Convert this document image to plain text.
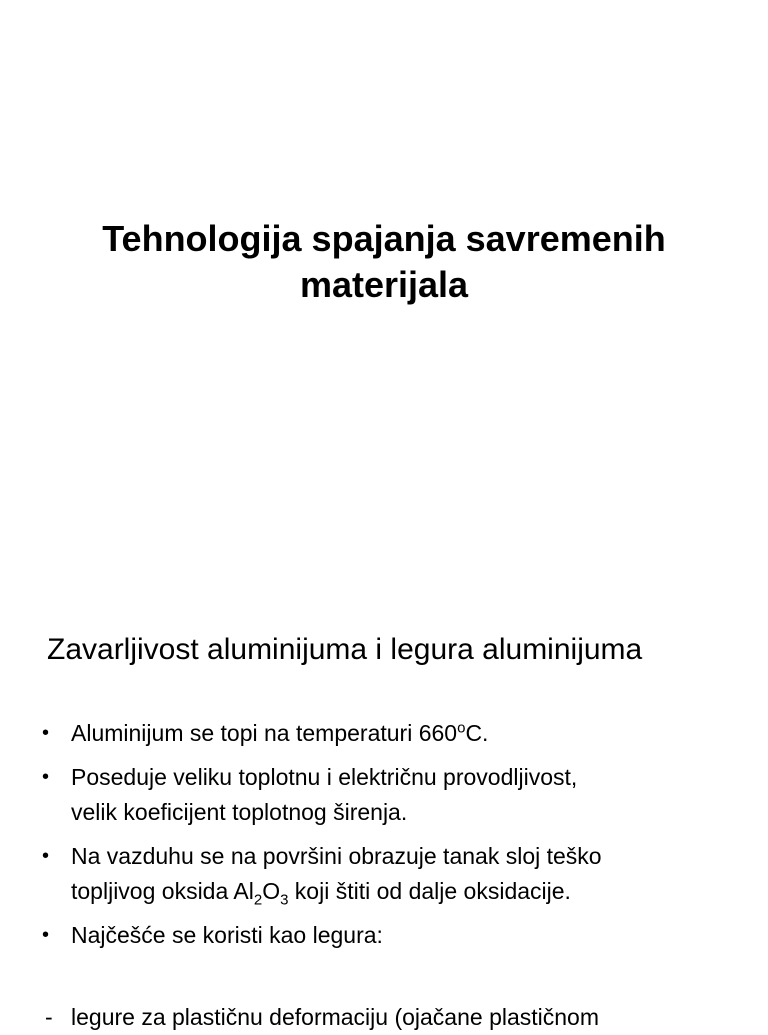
Tehnologija spajanja savremenih
materijala
Zavarljivost aluminijuma i legura aluminijuma
• Aluminijum se topi na temperaturi 660$^o$C.
• Poseduje veliku toplotnu i električnu provodljivost,
velik koeficijent toplotnog širenja.
• Na vazduhu se na površini obrazuje tanak sloj teško
topljivog oksida $Al_2O_3$ koji štiti od dalje oksidacije.
• Najčešće se koristi kao legura:
- legure za plastičnu deformaciju (ojačane plastičnom
